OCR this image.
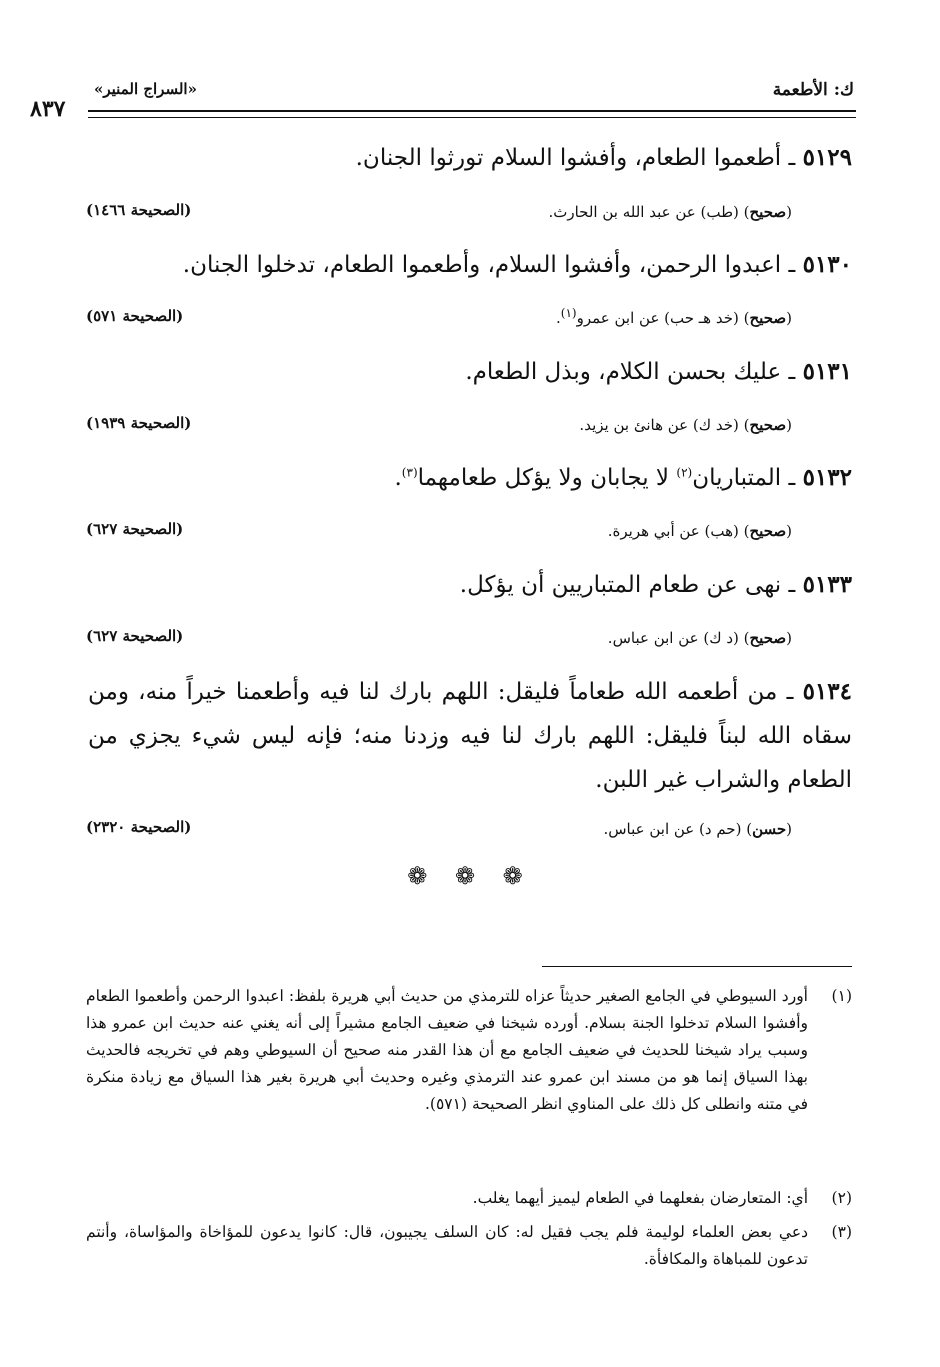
ك: الأطعمة
«السراج المنير»
٨٣٧
٥١٢٩ ـ أطعموا الطعام، وأفشوا السلام تورثوا الجنان.
(صحيح) (طب) عن عبد الله بن الحارث.
(الصحيحة ١٤٦٦)
٥١٣٠ ـ اعبدوا الرحمن، وأفشوا السلام، وأطعموا الطعام، تدخلوا الجنان.
(صحيح) (خد هـ حب) عن ابن عمرو$^{(١)}$.
(الصحيحة ٥٧١)
٥١٣١ ـ عليك بحسن الكلام، وبذل الطعام.
(صحيح) (خد ك) عن هانئ بن يزيد.
(الصحيحة ١٩٣٩)
٥١٣٢ ـ المتباريان$^{(٢)}$ لا يجابان ولا يؤكل طعامهما$^{(٣)}$.
(صحيح) (هب) عن أبي هريرة.
(الصحيحة ٦٢٧)
٥١٣٣ ـ نهى عن طعام المتباريين أن يؤكل.
(صحيح) (د ك) عن ابن عباس.
(الصحيحة ٦٢٧)
٥١٣٤ ـ من أطعمه الله طعاماً فليقل: اللهم بارك لنا فيه وأطعمنا خيراً منه، ومن سقاه الله لبناً فليقل: اللهم بارك لنا فيه وزدنا منه؛ فإنه ليس شيء يجزي من الطعام والشراب غير اللبن.
(حسن) (حم د) عن ابن عباس.
(الصحيحة ٢٣٢٠)
❁ ❁ ❁
(١)
أورد السيوطي في الجامع الصغير حديثاً عزاه للترمذي من حديث أبي هريرة بلفظ: اعبدوا الرحمن وأطعموا الطعام وأفشوا السلام تدخلوا الجنة بسلام. أورده شيخنا في ضعيف الجامع مشيراً إلى أنه يغني عنه حديث ابن عمرو هذا وسبب يراد شيخنا للحديث في ضعيف الجامع مع أن هذا القدر منه صحيح أن السيوطي وهم في تخريجه فالحديث بهذا السياق إنما هو من مسند ابن عمرو عند الترمذي وغيره وحديث أبي هريرة بغير هذا السياق مع زيادة منكرة في متنه وانطلى كل ذلك على المناوي انظر الصحيحة (٥٧١).
(٢)
أي: المتعارضان بفعلهما في الطعام ليميز أيهما يغلب.
(٣)
دعي بعض العلماء لوليمة فلم يجب فقيل له: كان السلف يجيبون، قال: كانوا يدعون للمؤاخاة والمؤاساة، وأنتم تدعون للمباهاة والمكافأة.
